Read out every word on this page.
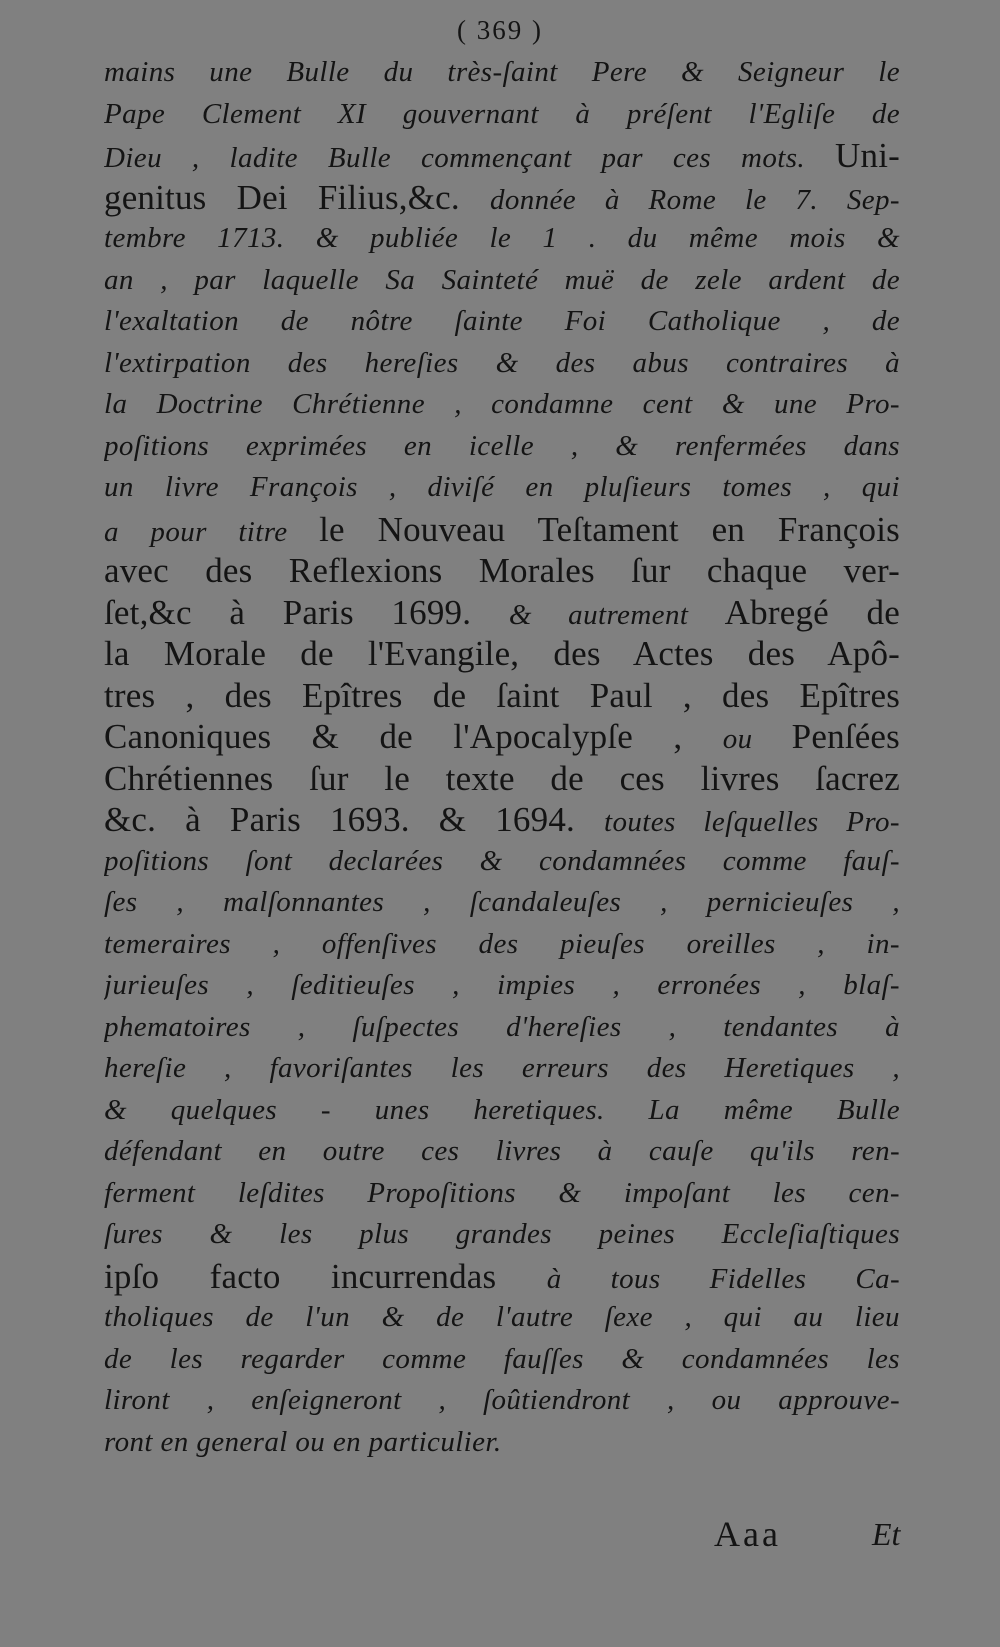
( 369 )
mains une Bulle du très-ſaint Pere & Seigneur le
Pape Clement XI gouvernant à préſent l'Egliſe de
Dieu , ladite Bulle commençant par ces mots. Uni-
genitus Dei Filius,&c. donnée à Rome le 7. Sep-
tembre 1713. & publiée le 1 . du même mois &
an , par laquelle Sa Sainteté muë de zele ardent de
l'exaltation de nôtre ſainte Foi Catholique , de
l'extirpation des hereſies & des abus contraires à
la Doctrine Chrétienne , condamne cent & une Pro-
poſitions exprimées en icelle , & renfermées dans
un livre François , diviſé en pluſieurs tomes , qui
a pour titre le Nouveau Teſtament en François
avec des Reflexions Morales ſur chaque ver-
ſet,&c à Paris 1699. & autrement Abregé de
la Morale de l'Evangile, des Actes des Apô-
tres , des Epîtres de ſaint Paul , des Epîtres
Canoniques & de l'Apocalypſe , ou Penſées
Chrétiennes ſur le texte de ces livres ſacrez
&c. à Paris 1693. & 1694. toutes leſquelles Pro-
poſitions ſont declarées & condamnées comme fauſ-
ſes , malſonnantes , ſcandaleuſes , pernicieuſes ,
temeraires , offenſives des pieuſes oreilles , in-
jurieuſes , ſeditieuſes , impies , erronées , blaſ-
phematoires , ſuſpectes d'hereſies , tendantes à
hereſie , favoriſantes les erreurs des Heretiques ,
& quelques - unes heretiques. La même Bulle
défendant en outre ces livres à cauſe qu'ils ren-
ferment leſdites Propoſitions & impoſant les cen-
ſures & les plus grandes peines Eccleſiaſtiques
ipſo facto incurrendas à tous Fidelles Ca-
tholiques de l'un & de l'autre ſexe , qui au lieu
de les regarder comme fauſſes & condamnées les
liront , enſeigneront , ſoûtiendront , ou approuve-
ront en general ou en particulier.
Aaa	Et
